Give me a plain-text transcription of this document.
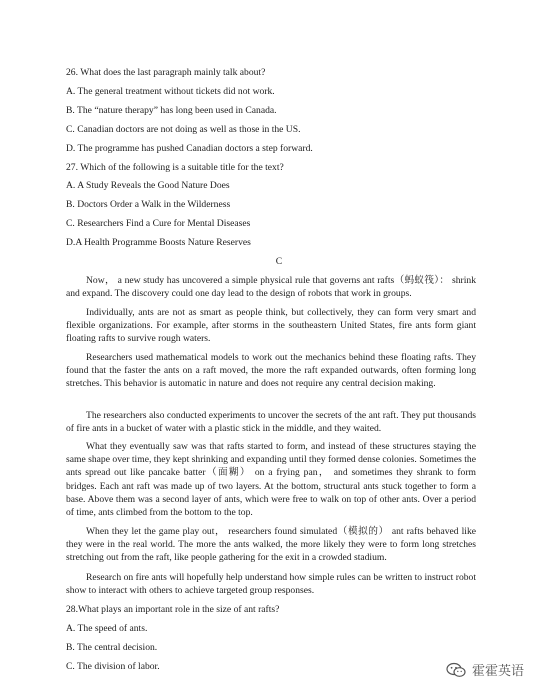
26. What does the last paragraph mainly talk about?
A. The general treatment without tickets did not work.
B. The “nature therapy” has long been used in Canada.
C. Canadian doctors are not doing as well as those in the US.
D. The programme has pushed Canadian doctors a step forward.
27. Which of the following is a suitable title for the text?
A. A Study Reveals the Good Nature Does
B. Doctors Order a Walk in the Wilderness
C. Researchers Find a Cure for Mental Diseases
D.A Health Programme Boosts Nature Reserves
C
Now， a new study has uncovered a simple physical rule that governs ant rafts（蚂蚁筏）： shrink and expand. The discovery could one day lead to the design of robots that work in groups.
Individually, ants are not as smart as people think, but collectively, they can form very smart and flexible organizations. For example, after storms in the southeastern United States, fire ants form giant floating rafts to survive rough waters.
Researchers used mathematical models to work out the mechanics behind these floating rafts. They found that the faster the ants on a raft moved, the more the raft expanded outwards, often forming long stretches. This behavior is automatic in nature and does not require any central decision making.
The researchers also conducted experiments to uncover the secrets of the ant raft. They put thousands of fire ants in a bucket of water with a plastic stick in the middle, and they waited.
What they eventually saw was that rafts started to form, and instead of these structures staying the same shape over time, they kept shrinking and expanding until they formed dense colonies. Sometimes the ants spread out like pancake batter（面糊） on a frying pan， and sometimes they shrank to form bridges. Each ant raft was made up of two layers. At the bottom, structural ants stuck together to form a base. Above them was a second layer of ants, which were free to walk on top of other ants. Over a period of time, ants climbed from the bottom to the top.
When they let the game play out， researchers found simulated（模拟的） ant rafts behaved like they were in the real world. The more the ants walked, the more likely they were to form long stretches stretching out from the raft, like people gathering for the exit in a crowded stadium.
Research on fire ants will hopefully help understand how simple rules can be written to instruct robot show to interact with others to achieve targeted group responses.
28.What plays an important role in the size of ant rafts?
A. The speed of ants.
B. The central decision.
C. The division of labor.	霍霍英语
